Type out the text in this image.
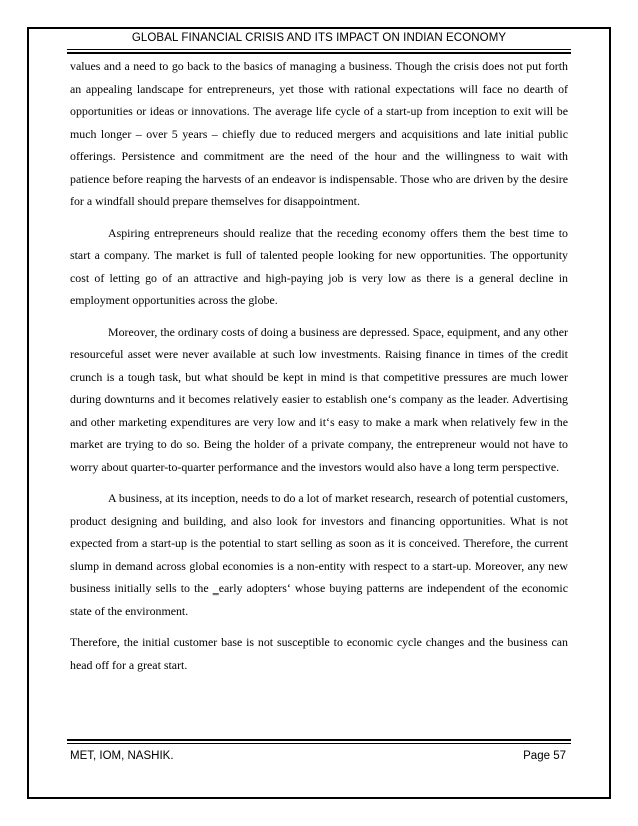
GLOBAL FINANCIAL CRISIS AND ITS IMPACT ON INDIAN ECONOMY

values and a need to go back to the basics of managing a business. Though the crisis does not put forth an appealing landscape for entrepreneurs, yet those with rational expectations will face no dearth of opportunities or ideas or innovations. The average life cycle of a start-up from inception to exit will be much longer – over 5 years – chiefly due to reduced mergers and acquisitions and late initial public offerings. Persistence and commitment are the need of the hour and the willingness to wait with patience before reaping the harvests of an endeavor is indispensable. Those who are driven by the desire for a windfall should prepare themselves for disappointment.

Aspiring entrepreneurs should realize that the receding economy offers them the best time to start a company. The market is full of talented people looking for new opportunities. The opportunity cost of letting go of an attractive and high-paying job is very low as there is a general decline in employment opportunities across the globe.

Moreover, the ordinary costs of doing a business are depressed. Space, equipment, and any other resourceful asset were never available at such low investments. Raising finance in times of the credit crunch is a tough task, but what should be kept in mind is that competitive pressures are much lower during downturns and it becomes relatively easier to establish one‘s company as the leader. Advertising and other marketing expenditures are very low and it‘s easy to make a mark when relatively few in the market are trying to do so. Being the holder of a private company, the entrepreneur would not have to worry about quarter-to-quarter performance and the investors would also have a long term perspective.

A business, at its inception, needs to do a lot of market research, research of potential customers, product designing and building, and also look for investors and financing opportunities. What is not expected from a start-up is the potential to start selling as soon as it is conceived. Therefore, the current slump in demand across global economies is a non-entity with respect to a start-up. Moreover, any new business initially sells to the ‗early adopters‘ whose buying patterns are independent of the economic state of the environment.

Therefore, the initial customer base is not susceptible to economic cycle changes and the business can head off for a great start.

MET, IOM, NASHIK.	Page 57
